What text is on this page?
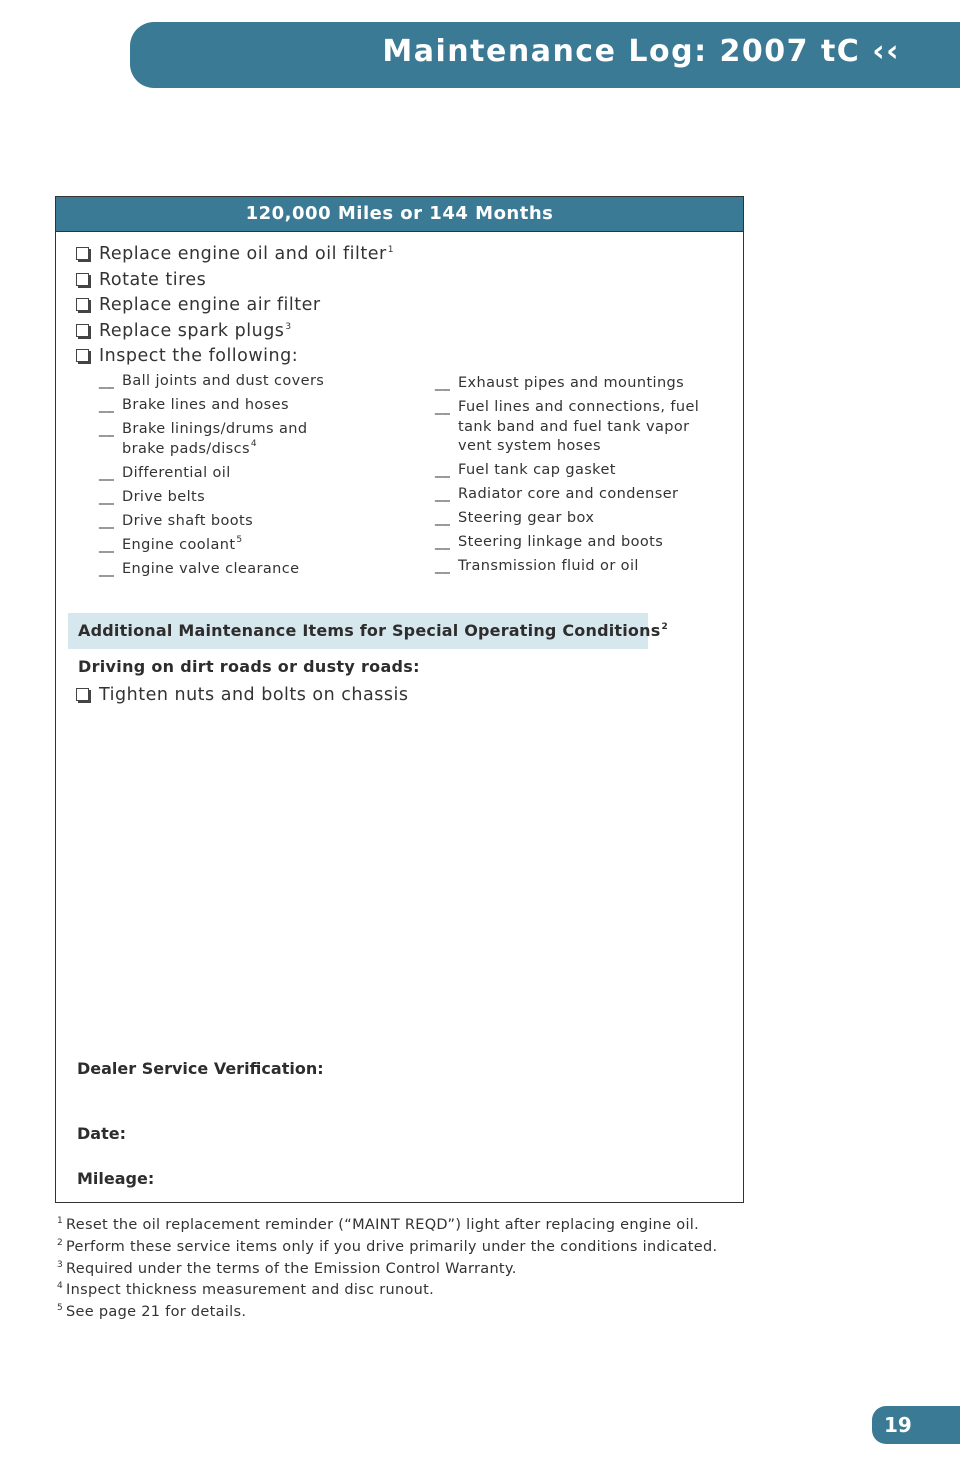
Maintenance Log: 2007 tC ‹‹
120,000 Miles or 144 Months
Replace engine oil and oil filter$^1$
Rotate tires
Replace engine air filter
Replace spark plugs$^3$
Inspect the following:
__ Ball joints and dust covers
__ Brake lines and hoses
__ Brake linings/drums and
brake pads/discs$^4$
__ Differential oil
__ Drive belts
__ Drive shaft boots
__ Engine coolant$^5$
__ Engine valve clearance
__ Exhaust pipes and mountings
__ Fuel lines and connections, fuel
tank band and fuel tank vapor
vent system hoses
__ Fuel tank cap gasket
__ Radiator core and condenser
__ Steering gear box
__ Steering linkage and boots
__ Transmission fluid or oil
Additional Maintenance Items for Special Operating Conditions$^2$
Driving on dirt roads or dusty roads:
Tighten nuts and bolts on chassis
Dealer Service Verification:
Date:
Mileage:
$^1$ Reset the oil replacement reminder (“MAINT REQD”) light after replacing engine oil.
$^2$ Perform these service items only if you drive primarily under the conditions indicated.
$^3$ Required under the terms of the Emission Control Warranty.
$^4$ Inspect thickness measurement and disc runout.
$^5$ See page 21 for details.
19
